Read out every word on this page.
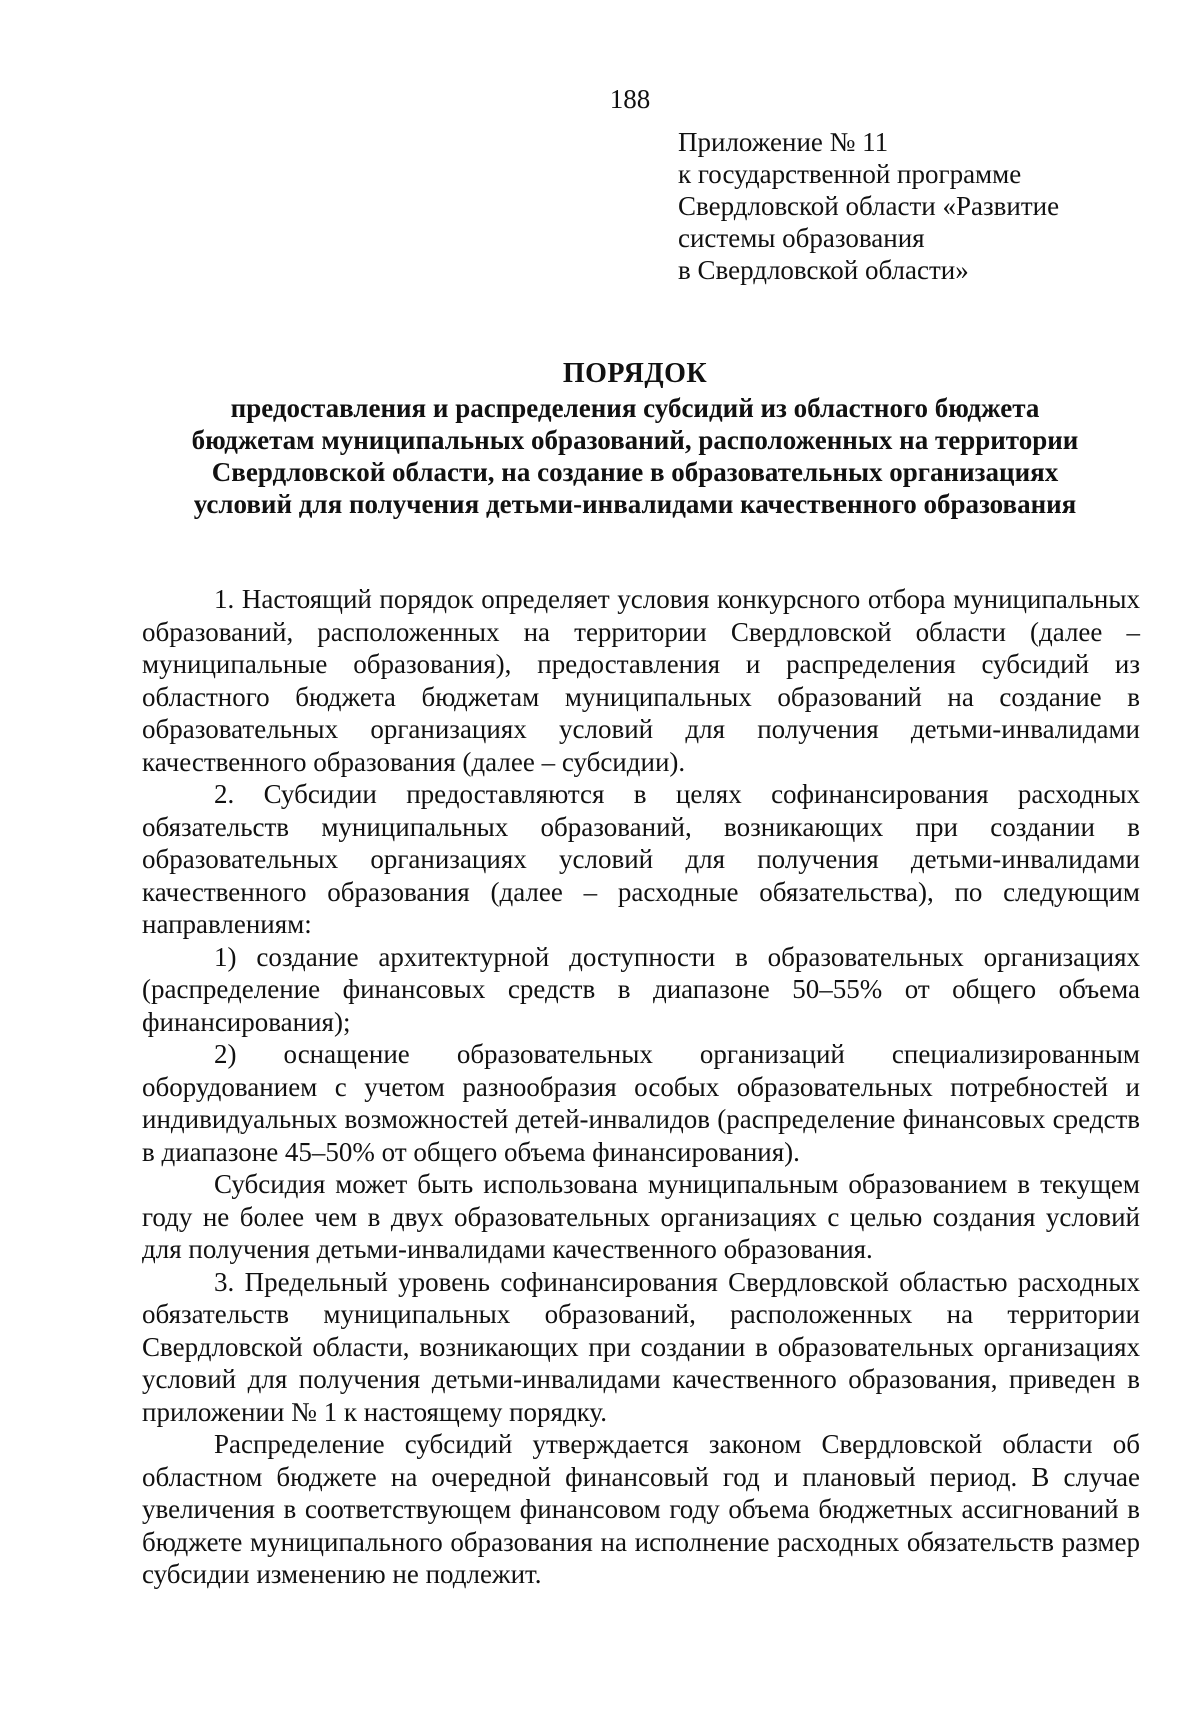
188
Приложение № 11
к государственной программе
Свердловской области «Развитие
системы образования
в Свердловской области»
ПОРЯДОК
предоставления и распределения субсидий из областного бюджета
бюджетам муниципальных образований, расположенных на территории
Свердловской области, на создание в образовательных организациях
условий для получения детьми-инвалидами качественного образования

1. Настоящий порядок определяет условия конкурсного отбора муниципальных образований, расположенных на территории Свердловской области (далее – муниципальные образования), предоставления и распределения субсидий из областного бюджета бюджетам муниципальных образований на создание в образовательных организациях условий для получения детьми-инвалидами качественного образования (далее – субсидии).

2. Субсидии предоставляются в целях софинансирования расходных обязательств муниципальных образований, возникающих при создании в образовательных организациях условий для получения детьми-инвалидами качественного образования (далее – расходные обязательства), по следующим направлениям:

1) создание архитектурной доступности в образовательных организациях (распределение финансовых средств в диапазоне 50–55% от общего объема финансирования);

2) оснащение образовательных организаций специализированным оборудованием с учетом разнообразия особых образовательных потребностей и индивидуальных возможностей детей-инвалидов (распределение финансовых средств в диапазоне 45–50% от общего объема финансирования).

Субсидия может быть использована муниципальным образованием в текущем году не более чем в двух образовательных организациях с целью создания условий для получения детьми-инвалидами качественного образования.

3. Предельный уровень софинансирования Свердловской областью расходных обязательств муниципальных образований, расположенных на территории Свердловской области, возникающих при создании в образовательных организациях условий для получения детьми-инвалидами качественного образования, приведен в приложении № 1 к настоящему порядку.

Распределение субсидий утверждается законом Свердловской области об областном бюджете на очередной финансовый год и плановый период. В случае увеличения в соответствующем финансовом году объема бюджетных ассигнований в бюджете муниципального образования на исполнение расходных обязательств размер субсидии изменению не подлежит.
